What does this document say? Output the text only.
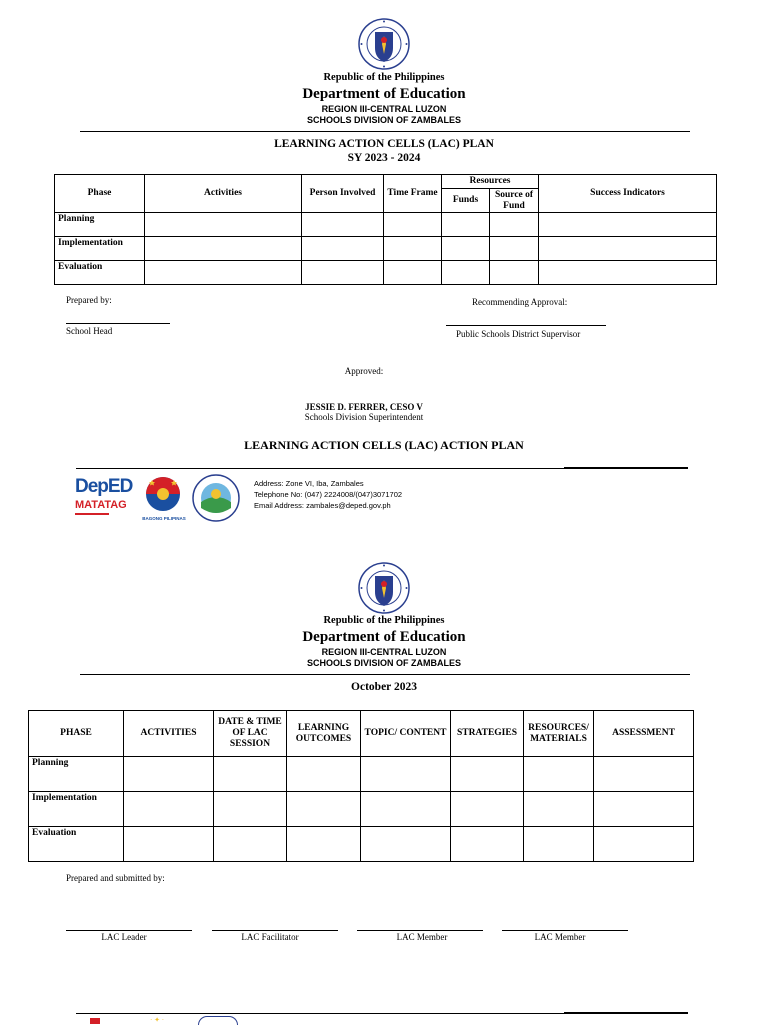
Republic of the Philippines
Department of Education
REGION III-CENTRAL LUZON
SCHOOLS DIVISION OF ZAMBALES
LEARNING ACTION CELLS (LAC) PLAN
SY 2023 - 2024
Phase	Activities	Person Involved	Time Frame	Resources		Success Indicators
				Funds	Source of Fund	
Planning						
Implementation						
Evaluation						
Prepared by:
School Head
Recommending Approval:
Public Schools District Supervisor
Approved:
JESSIE D. FERRER, CESO V
Schools Division Superintendent
LEARNING ACTION CELLS (LAC) ACTION PLAN
DepED
MATATAG
BAGONG PILIPINAS
Address: Zone VI, Iba, Zambales
Telephone No: (047) 2224008/(047)3071702
Email Address: zambales@deped.gov.ph
Republic of the Philippines
Department of Education
REGION III-CENTRAL LUZON
SCHOOLS DIVISION OF ZAMBALES
October 2023
PHASE	ACTIVITIES	DATE & TIME OF LAC SESSION	LEARNING OUTCOMES	TOPIC/ CONTENT	STRATEGIES	RESOURCES/ MATERIALS	ASSESSMENT
Planning							
Implementation							
Evaluation							
Prepared and submitted by:
LAC Leader	LAC Facilitator	LAC Member	LAC Member
· ✦ ·
